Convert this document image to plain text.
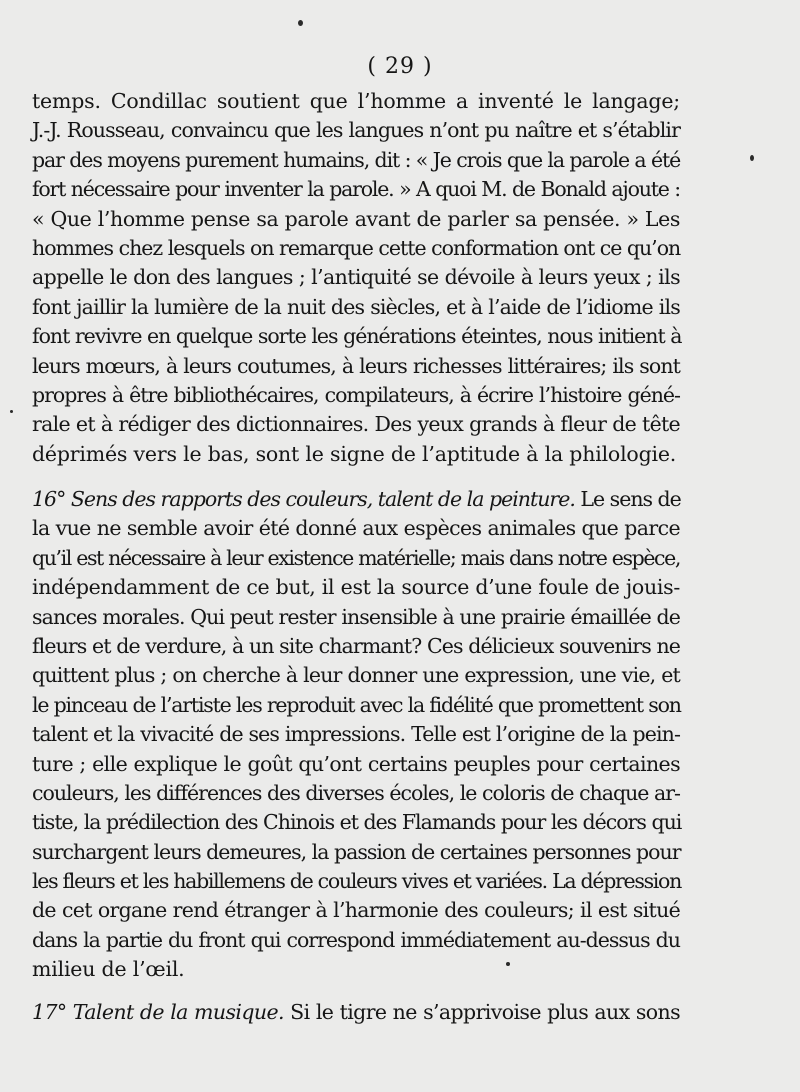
( 29 )
temps. Condillac soutient que l’homme a inventé le langage;
J.-J. Rousseau, convaincu que les langues n’ont pu naître et s’établir
par des moyens purement humains, dit : « Je crois que la parole a été
fort nécessaire pour inventer la parole. » A quoi M. de Bonald ajoute :
« Que l’homme pense sa parole avant de parler sa pensée. » Les
hommes chez lesquels on remarque cette conformation ont ce qu’on
appelle le don des langues ; l’antiquité se dévoile à leurs yeux ; ils
font jaillir la lumière de la nuit des siècles, et à l’aide de l’idiome ils
font revivre en quelque sorte les générations éteintes, nous initient à
leurs mœurs, à leurs coutumes, à leurs richesses littéraires; ils sont
propres à être bibliothécaires, compilateurs, à écrire l’histoire géné-
rale et à rédiger des dictionnaires. Des yeux grands à fleur de tête
déprimés vers le bas, sont le signe de l’aptitude à la philologie.
16° Sens des rapports des couleurs, talent de la peinture. Le sens de
la vue ne semble avoir été donné aux espèces animales que parce
qu’il est nécessaire à leur existence matérielle; mais dans notre espèce,
indépendamment de ce but, il est la source d’une foule de jouis-
sances morales. Qui peut rester insensible à une prairie émaillée de
fleurs et de verdure, à un site charmant? Ces délicieux souvenirs ne
quittent plus ; on cherche à leur donner une expression, une vie, et
le pinceau de l’artiste les reproduit avec la fidélité que promettent son
talent et la vivacité de ses impressions. Telle est l’origine de la pein-
ture ; elle explique le goût qu’ont certains peuples pour certaines
couleurs, les différences des diverses écoles, le coloris de chaque ar-
tiste, la prédilection des Chinois et des Flamands pour les décors qui
surchargent leurs demeures, la passion de certaines personnes pour
les fleurs et les habillemens de couleurs vives et variées. La dépression
de cet organe rend étranger à l’harmonie des couleurs; il est situé
dans la partie du front qui correspond immédiatement au-dessus du
milieu de l’œil.
17° Talent de la musique. Si le tigre ne s’apprivoise plus aux sons
